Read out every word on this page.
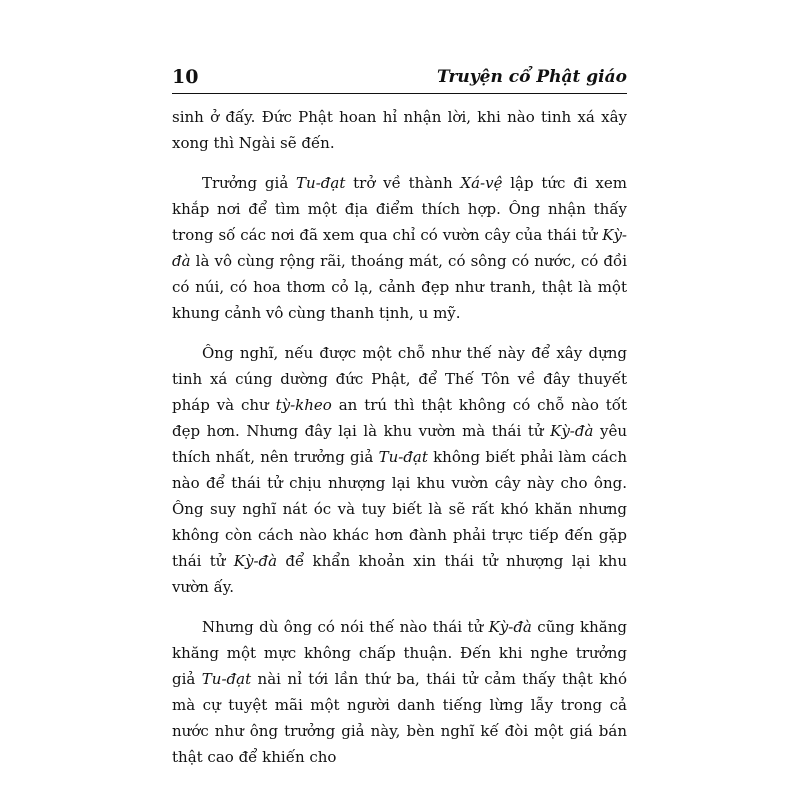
10	Truyện cổ Phật giáo

sinh ở đấy. Đức Phật hoan hỉ nhận lời, khi nào tinh xá xây xong thì Ngài sẽ đến.

Trưởng giả Tu-đạt trở về thành Xá-vệ lập tức đi xem khắp nơi để tìm một địa điểm thích hợp. Ông nhận thấy trong số các nơi đã xem qua chỉ có vườn cây của thái tử Kỳ-đà là vô cùng rộng rãi, thoáng mát, có sông có nước, có đồi có núi, có hoa thơm cỏ lạ, cảnh đẹp như tranh, thật là một khung cảnh vô cùng thanh tịnh, u mỹ.

Ông nghĩ, nếu được một chỗ như thế này để xây dựng tinh xá cúng dường đức Phật, để Thế Tôn về đây thuyết pháp và chư tỳ-kheo an trú thì thật không có chỗ nào tốt đẹp hơn. Nhưng đây lại là khu vườn mà thái tử Kỳ-đà yêu thích nhất, nên trưởng giả Tu-đạt không biết phải làm cách nào để thái tử chịu nhượng lại khu vườn cây này cho ông. Ông suy nghĩ nát óc và tuy biết là sẽ rất khó khăn nhưng không còn cách nào khác hơn đành phải trực tiếp đến gặp thái tử Kỳ-đà để khẩn khoản xin thái tử nhượng lại khu vườn ấy.

Nhưng dù ông có nói thế nào thái tử Kỳ-đà cũng khăng khăng một mực không chấp thuận. Đến khi nghe trưởng giả Tu-đạt nài nỉ tới lần thứ ba, thái tử cảm thấy thật khó mà cự tuyệt mãi một người danh tiếng lừng lẫy trong cả nước như ông trưởng giả này, bèn nghĩ kế đòi một giá bán thật cao để khiến cho
